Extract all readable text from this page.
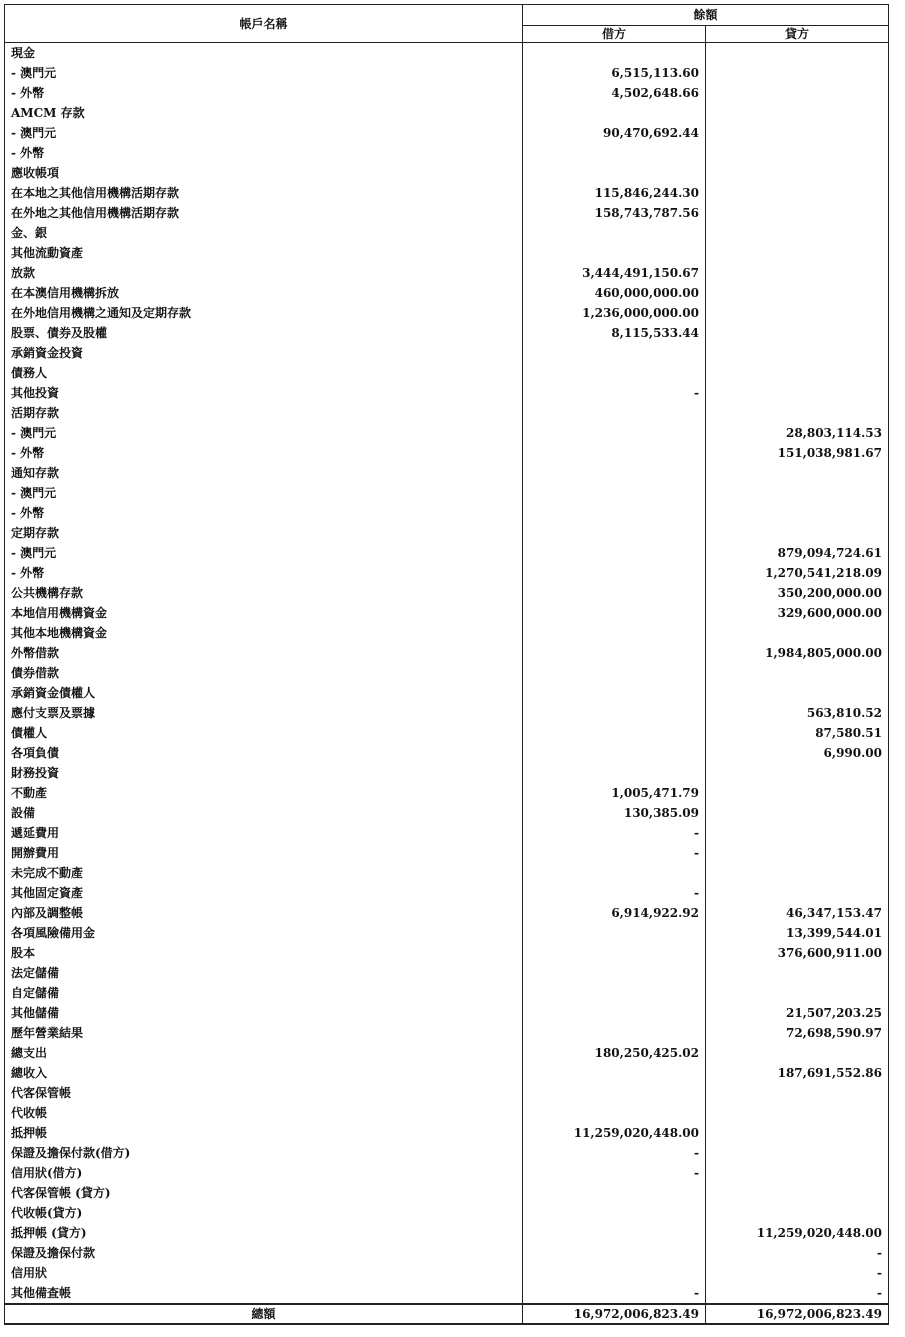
帳戶名稱	餘額	
	借方	貸方
現金		
- 澳門元	6,515,113.60	
- 外幣	4,502,648.66	
AMCM 存款		
- 澳門元	90,470,692.44	
- 外幣		
應收帳項		
在本地之其他信用機構活期存款	115,846,244.30	
在外地之其他信用機構活期存款	158,743,787.56	
金、銀		
其他流動資產		
放款	3,444,491,150.67	
在本澳信用機構拆放	460,000,000.00	
在外地信用機構之通知及定期存款	1,236,000,000.00	
股票、債券及股權	8,115,533.44	
承銷資金投資		
債務人		
其他投資	-	
活期存款		
- 澳門元		28,803,114.53
- 外幣		151,038,981.67
通知存款		
- 澳門元		
- 外幣		
定期存款		
- 澳門元		879,094,724.61
- 外幣		1,270,541,218.09
公共機構存款		350,200,000.00
本地信用機構資金		329,600,000.00
其他本地機構資金		
外幣借款		1,984,805,000.00
債券借款		
承銷資金債權人		
應付支票及票據		563,810.52
債權人		87,580.51
各項負債		6,990.00
財務投資		
不動產	1,005,471.79	
設備	130,385.09	
遞延費用	-	
開辦費用	-	
未完成不動產		
其他固定資產	-	
內部及調整帳	6,914,922.92	46,347,153.47
各項風險備用金		13,399,544.01
股本		376,600,911.00
法定儲備		
自定儲備		
其他儲備		21,507,203.25
歷年營業結果		72,698,590.97
總支出	180,250,425.02	
總收入		187,691,552.86
代客保管帳		
代收帳		
抵押帳	11,259,020,448.00	
保證及擔保付款(借方)	-	
信用狀(借方)	-	
代客保管帳 (貸方)		
代收帳(貸方)		
抵押帳 (貸方)		11,259,020,448.00
保證及擔保付款		-
信用狀		-
其他備查帳	-	-
總額	16,972,006,823.49	16,972,006,823.49
